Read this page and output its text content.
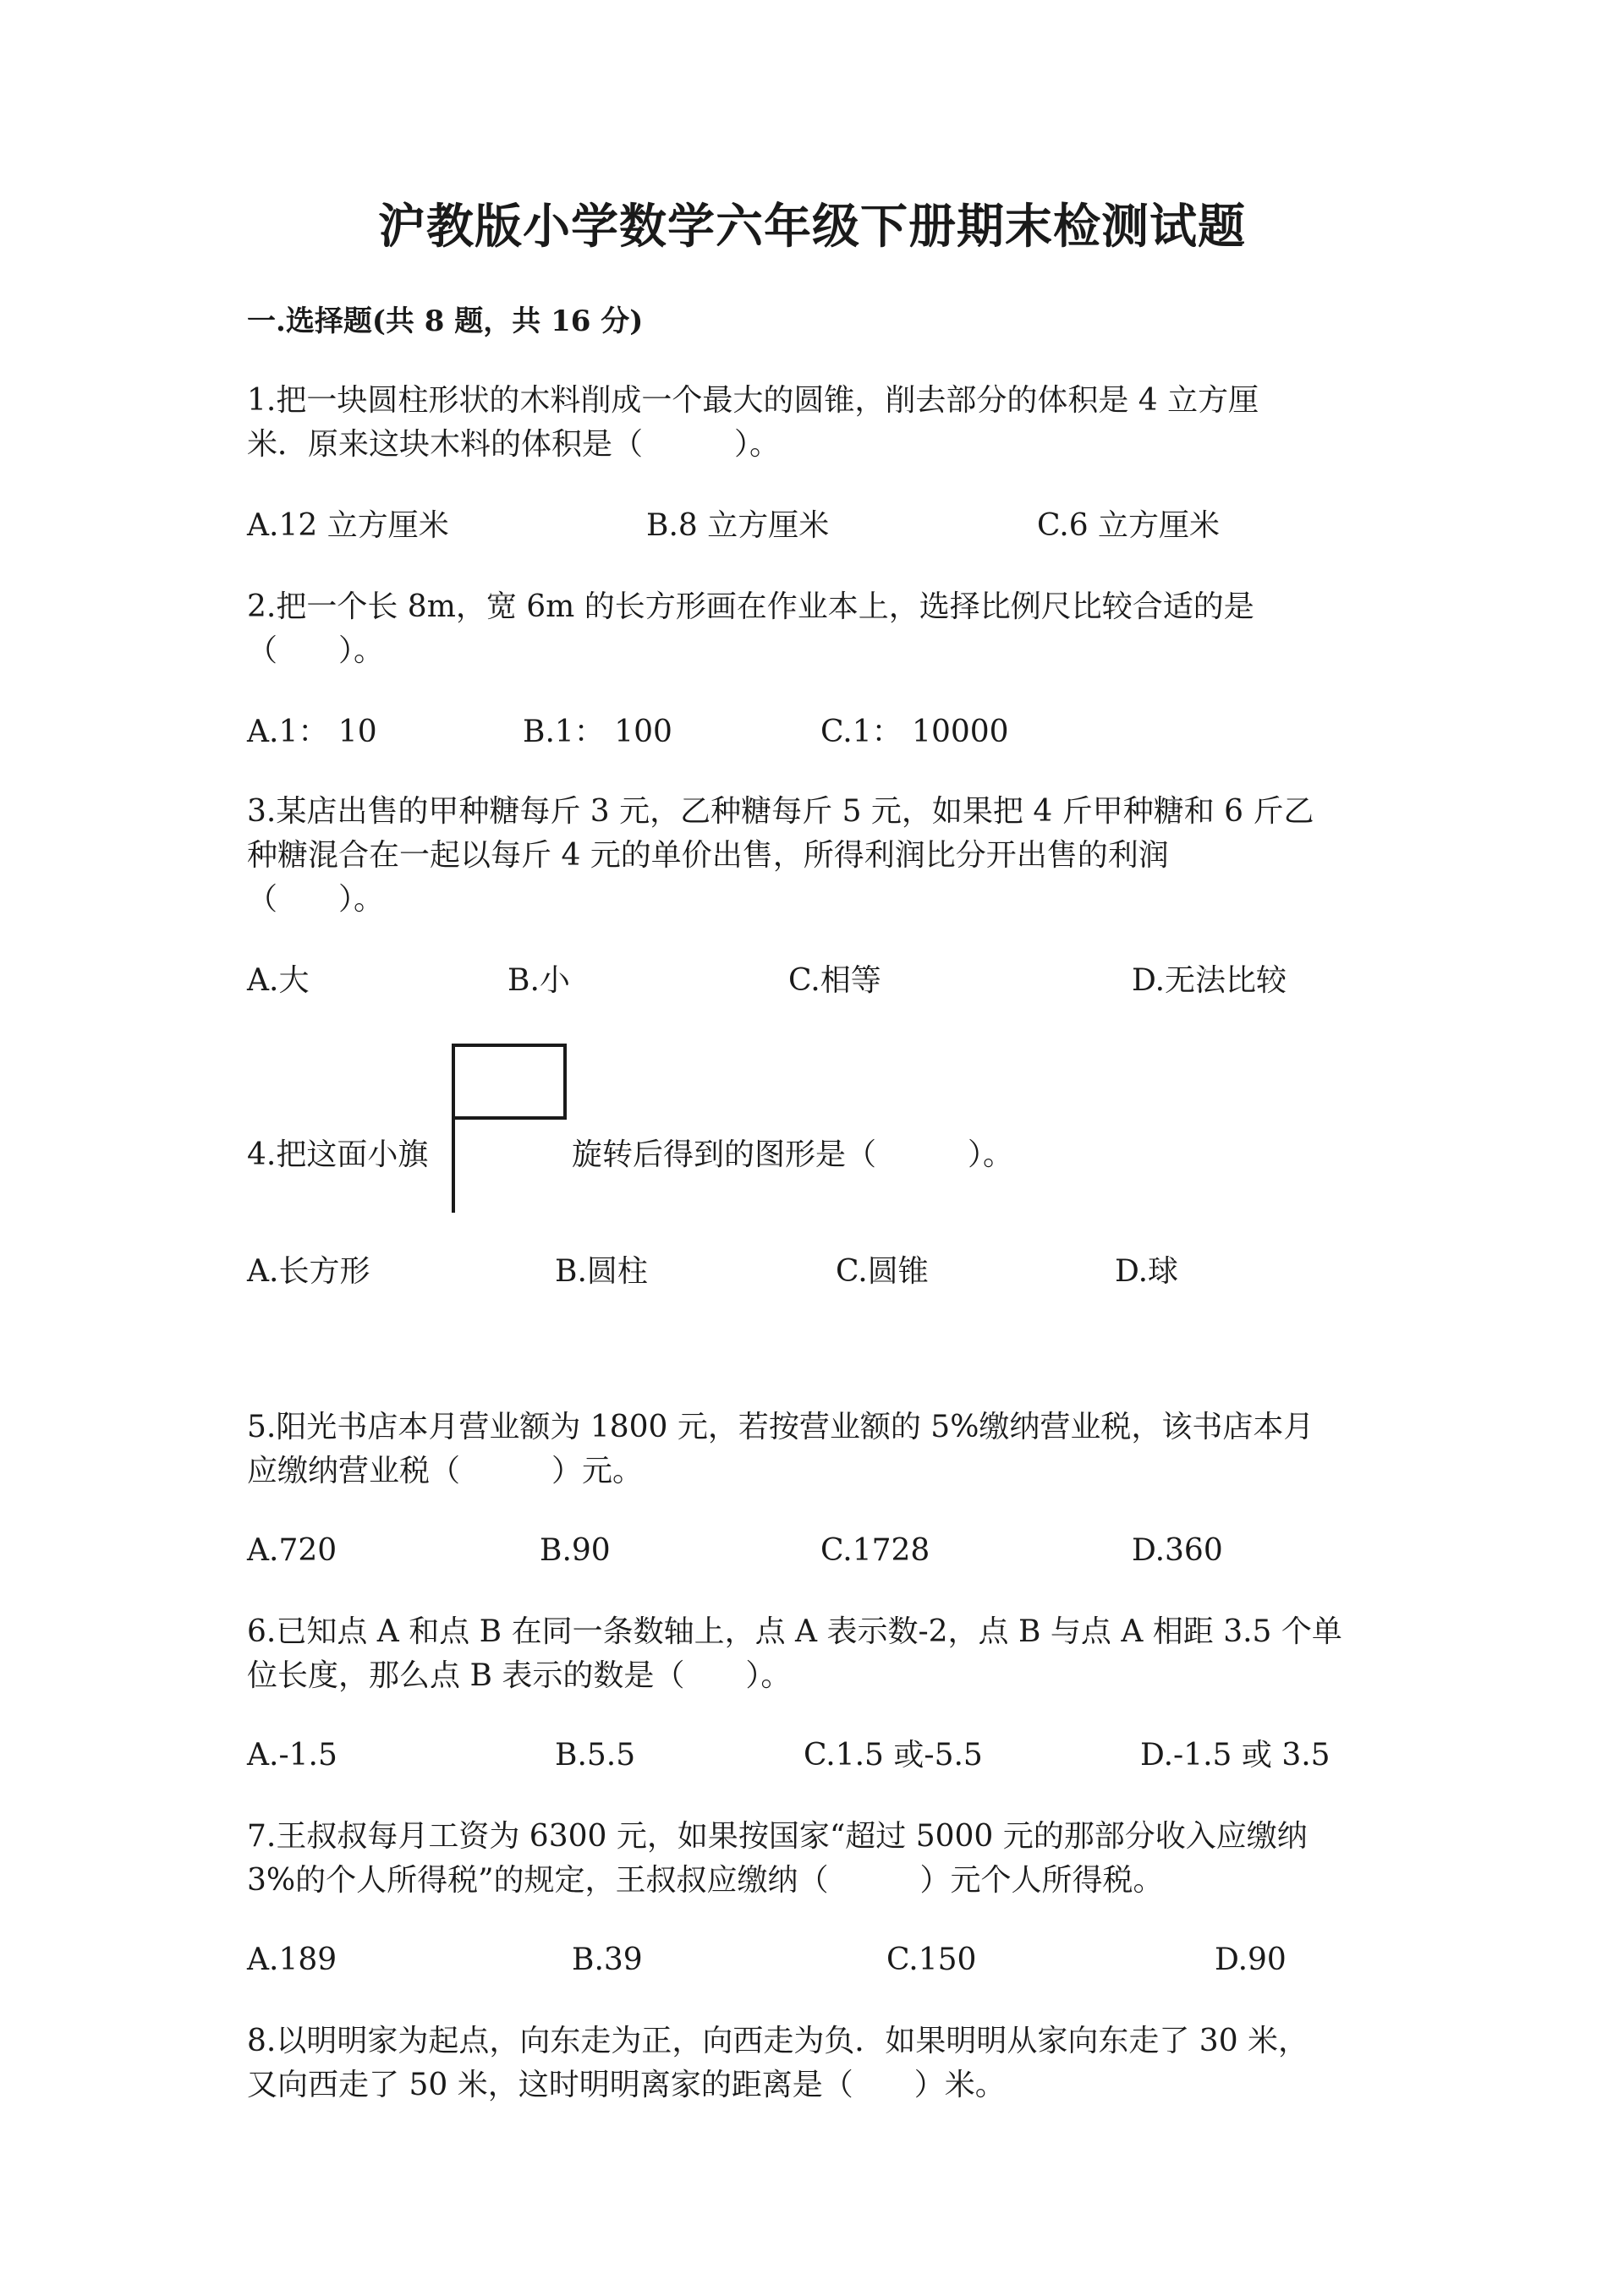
沪教版小学数学六年级下册期末检测试题
一.选择题(共 8 题，共 16 分)
1.把一块圆柱形状的木料削成一个最大的圆锥，削去部分的体积是 4 立方厘
米．原来这块木料的体积是（　　　）。
A.12 立方厘米	B.8 立方厘米	C.6 立方厘米
2.把一个长 8m，宽 6m 的长方形画在作业本上，选择比例尺比较合适的是
（　　）。
A.1： 10	B.1： 100	C.1： 10000
3.某店出售的甲种糖每斤 3 元，乙种糖每斤 5 元，如果把 4 斤甲种糖和 6 斤乙
种糖混合在一起以每斤 4 元的单价出售，所得利润比分开出售的利润
（　　）。
A.大	B.小	C.相等	D.无法比较
4.把这面小旗	旋转后得到的图形是（　　　）。
A.长方形	B.圆柱	C.圆锥	D.球
5.阳光书店本月营业额为 1800 元，若按营业额的 5%缴纳营业税，该书店本月
应缴纳营业税（　　　）元。
A.720	B.90	C.1728	D.360
6.已知点 A 和点 B 在同一条数轴上，点 A 表示数-2，点 B 与点 A 相距 3.5 个单
位长度，那么点 B 表示的数是（　　）。
A.-1.5	B.5.5	C.1.5 或-5.5	D.-1.5 或 3.5
7.王叔叔每月工资为 6300 元，如果按国家“超过 5000 元的那部分收入应缴纳
3%的个人所得税”的规定，王叔叔应缴纳（　　　）元个人所得税。
A.189	B.39	C.150	D.90
8.以明明家为起点，向东走为正，向西走为负．如果明明从家向东走了 30 米，
又向西走了 50 米，这时明明离家的距离是（　　）米。
